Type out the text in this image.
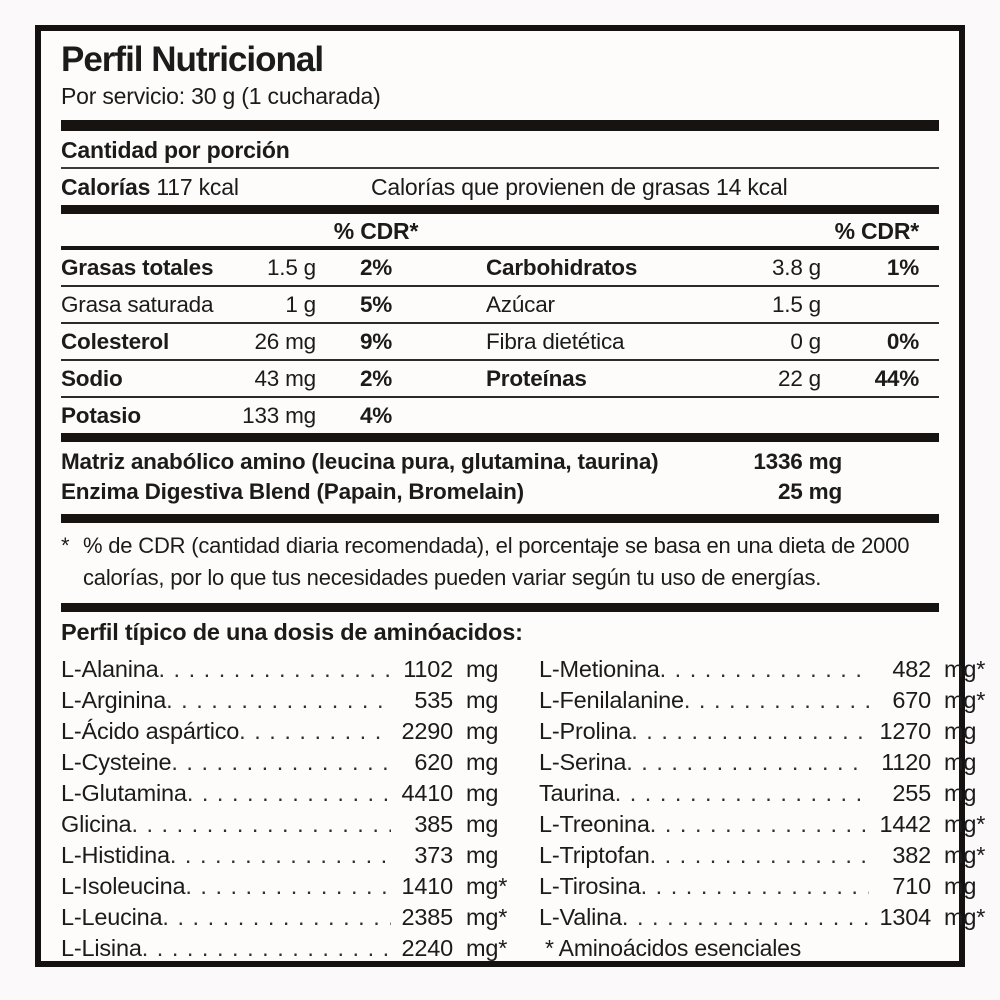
Perfil Nutricional
Por servicio: 30 g (1 cucharada)
Cantidad por porción
Calorías 117 kcal	Calorías que provienen de grasas 14 kcal
% CDR*	% CDR*
Grasas totales	1.5 g	2%	Carbohidratos	3.8 g	1%
Grasa saturada	1 g	5%	Azúcar	1.5 g
Colesterol	26 mg	9%	Fibra dietética	0 g	0%
Sodio	43 mg	2%	Proteínas	22 g	44%
Potasio	133 mg	4%
Matriz anabólico amino (leucina pura, glutamina, taurina)	1336 mg
Enzima Digestiva Blend (Papain, Bromelain)	25 mg
* % de CDR (cantidad diaria recomendada), el porcentaje se basa en una dieta de 2000 calorías, por lo que tus necesidades pueden variar según tu uso de energías.
Perfil típico de una dosis de aminóacidos:
L-Alanina . . .	1102 mg
L-Arginina . . .	535 mg
L-Ácido aspártico . . .	2290 mg
L-Cysteine . . .	620 mg
L-Glutamina . . .	4410 mg
Glicina . . .	385 mg
L-Histidina . . .	373 mg
L-Isoleucina . . .	1410 mg*
L-Leucina . . .	2385 mg*
L-Lisina . . .	2240 mg*
L-Metionina . . .	482 mg*
L-Fenilalanine . . .	670 mg*
L-Prolina . . .	1270 mg
L-Serina . . .	1120 mg
Taurina . . .	255 mg
L-Treonina . . .	1442 mg*
L-Triptofan . . .	382 mg*
L-Tirosina . . .	710 mg
L-Valina . . .	1304 mg*
* Aminoácidos esenciales
